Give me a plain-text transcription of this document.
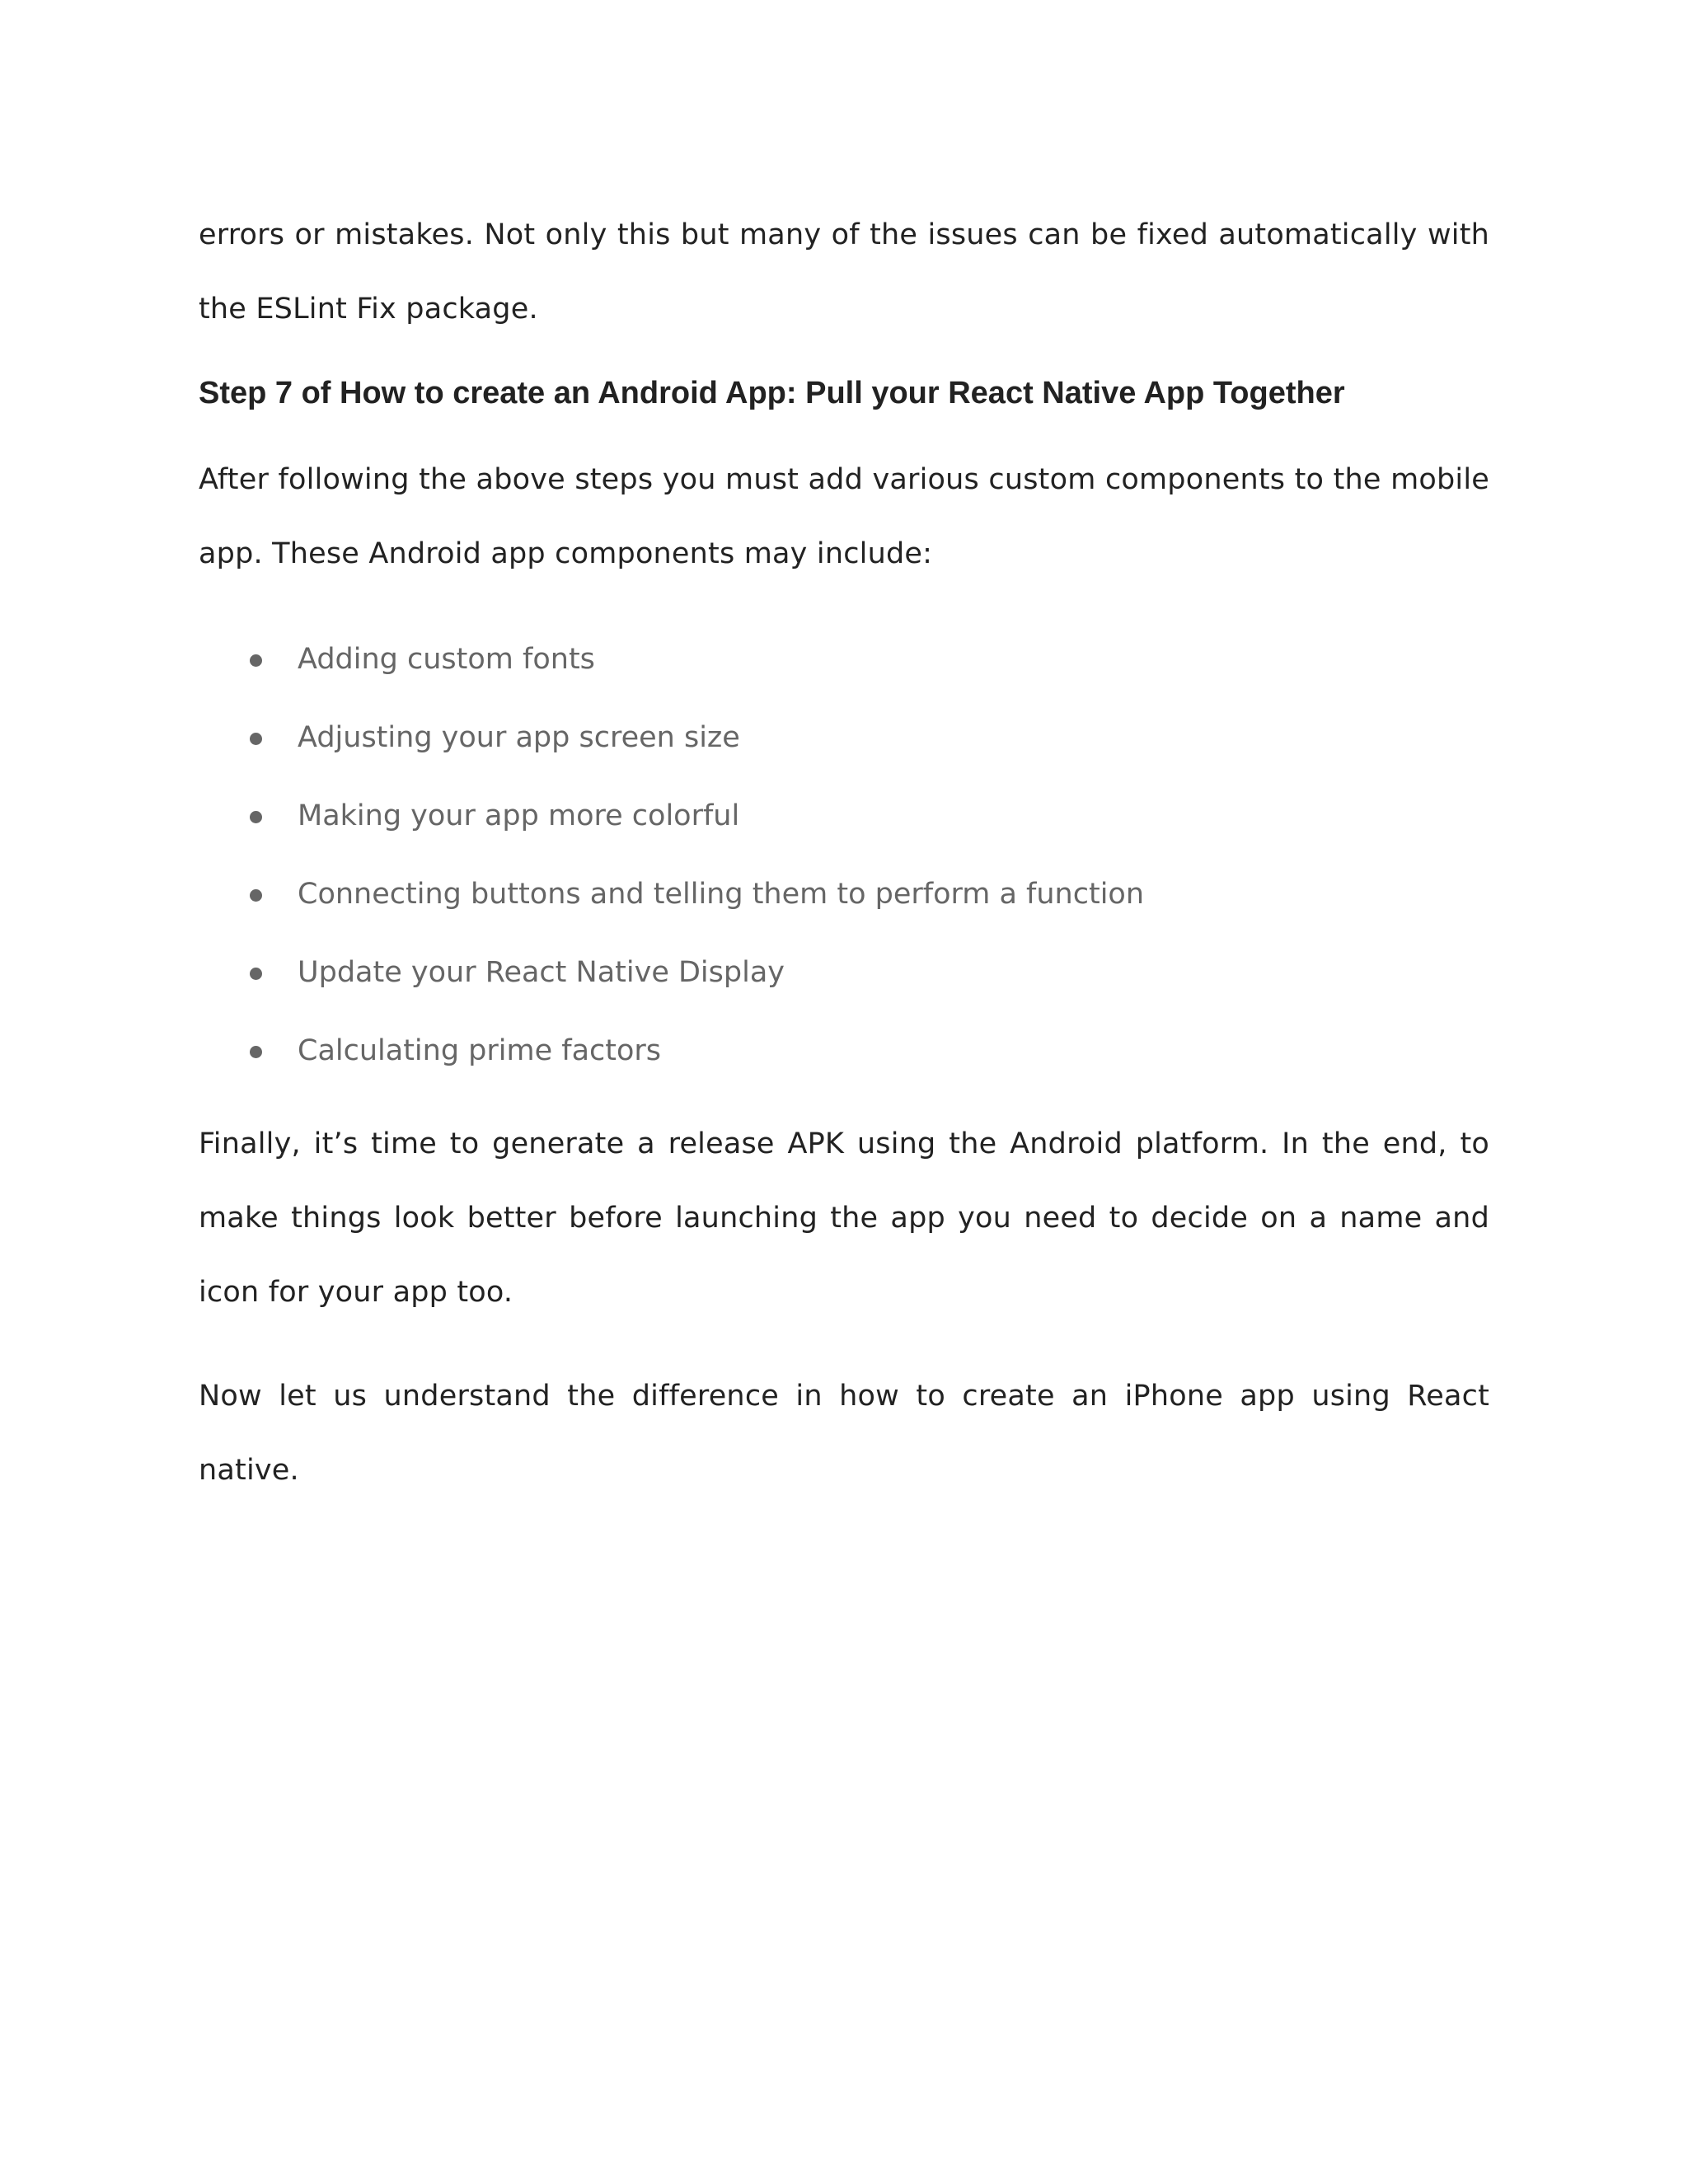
errors or mistakes. Not only this but many of the issues can be fixed automatically with the ESLint Fix package.

Step 7 of How to create an Android App: Pull your React Native App Together

After following the above steps you must add various custom components to the mobile app. These Android app components may include:

Adding custom fonts
Adjusting your app screen size
Making your app more colorful
Connecting buttons and telling them to perform a function
Update your React Native Display
Calculating prime factors

Finally, it’s time to generate a release APK using the Android platform. In the end, to make things look better before launching the app you need to decide on a name and icon for your app too.

Now let us understand the difference in how to create an iPhone app using React native.
